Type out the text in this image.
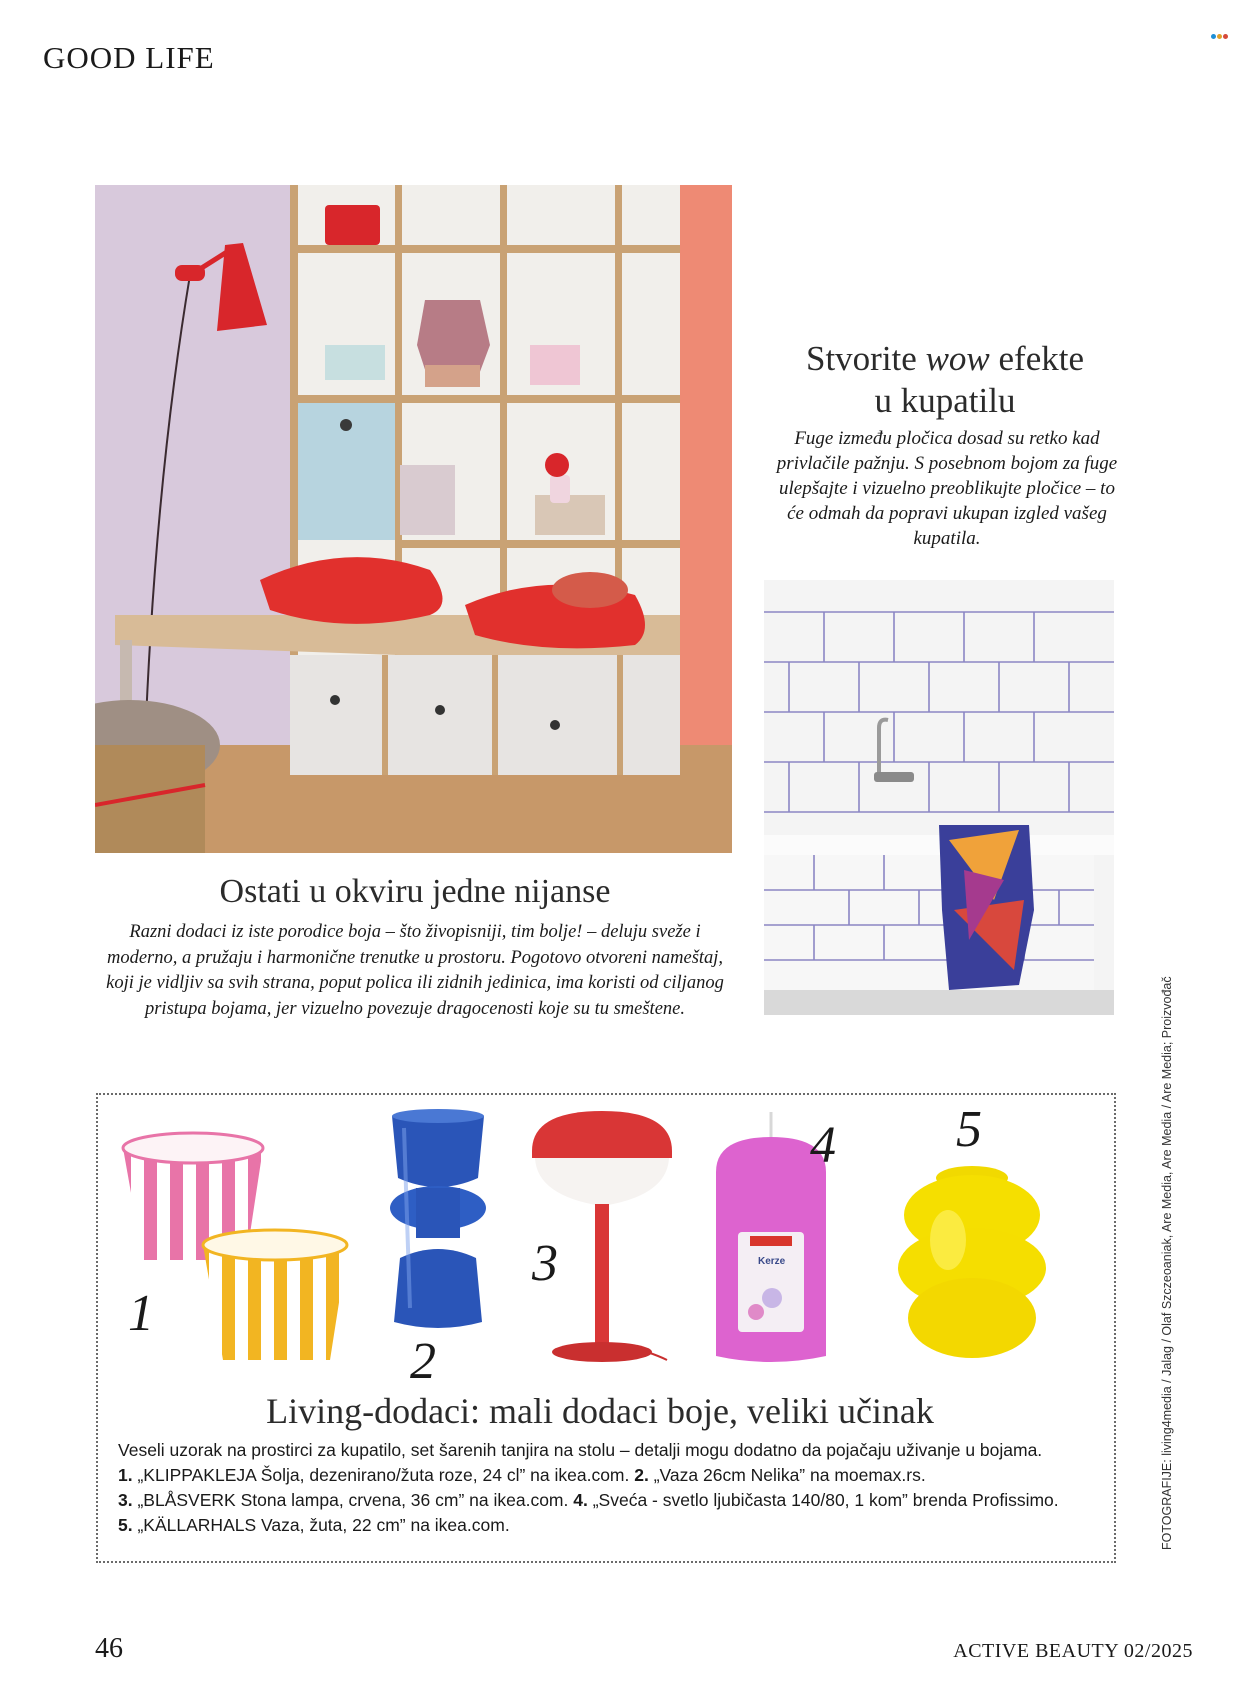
GOOD LIFE

Stvorite wow efekte
u kupatilu

Fuge između pločica dosad su retko kad privlačile pažnju. S posebnom bojom za fuge ulepšajte i vizuelno preoblikujte pločice – to će odmah da popravi ukupan izgled vašeg kupatila.

Ostati u okviru jedne nijanse

Razni dodaci iz iste porodice boja – što živopisniji, tim bolje! – deluju sveže i moderno, a pružaju i harmonične trenutke u prostoru. Pogotovo otvoreni nameštaj, koji je vidljiv sa svih strana, poput polica ili zidnih jedinica, ima koristi od ciljanog pristupa bojama, jer vizuelno povezuje dragocenosti koje su tu smeštene.

1
2
3	Kerze
4 5
Living-dodaci: mali dodaci boje, veliki učinak

Veseli uzorak na prostirci za kupatilo, set šarenih tanjira na stolu – detalji mogu dodatno da pojačaju uživanje u bojama.

1. „KLIPPAKLEJA Šolja, dezenirano/žuta roze, 24 cl” na ikea.com. 2. „Vaza 26cm Nelika” na moemax.rs.

3. „BLÅSVERK Stona lampa, crvena, 36 cm” na ikea.com. 4. „Sveća - svetlo ljubičasta 140/80, 1 kom” brenda Profissimo.

5. „KÄLLARHALS Vaza, žuta, 22 cm” na ikea.com.	FOTOGRAFIJE: living4media / Jalag / Olaf Szczeoaniak, Are Media, Are Media / Are Media; Proizvođač
46	ACTIVE BEAUTY 02/2025
